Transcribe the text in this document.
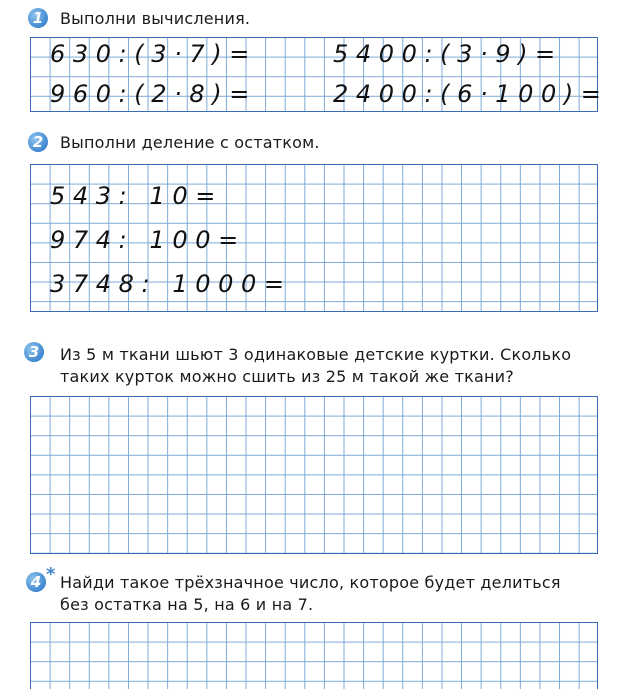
1 Выполни вычисления.
630:(3·7)=	5400:(3·9)=
960:(2·8)=	2400:(6·100)=
2 Выполни деление с остатком.
543: 10=
974: 100=
3748: 1000=
3 Из 5 м ткани шьют 3 одинаковые детские куртки. Сколько
таких курток можно сшить из 25 м такой же ткани?
4 * Найди такое трёхзначное число, которое будет делиться
без остатка на 5, на 6 и на 7.
